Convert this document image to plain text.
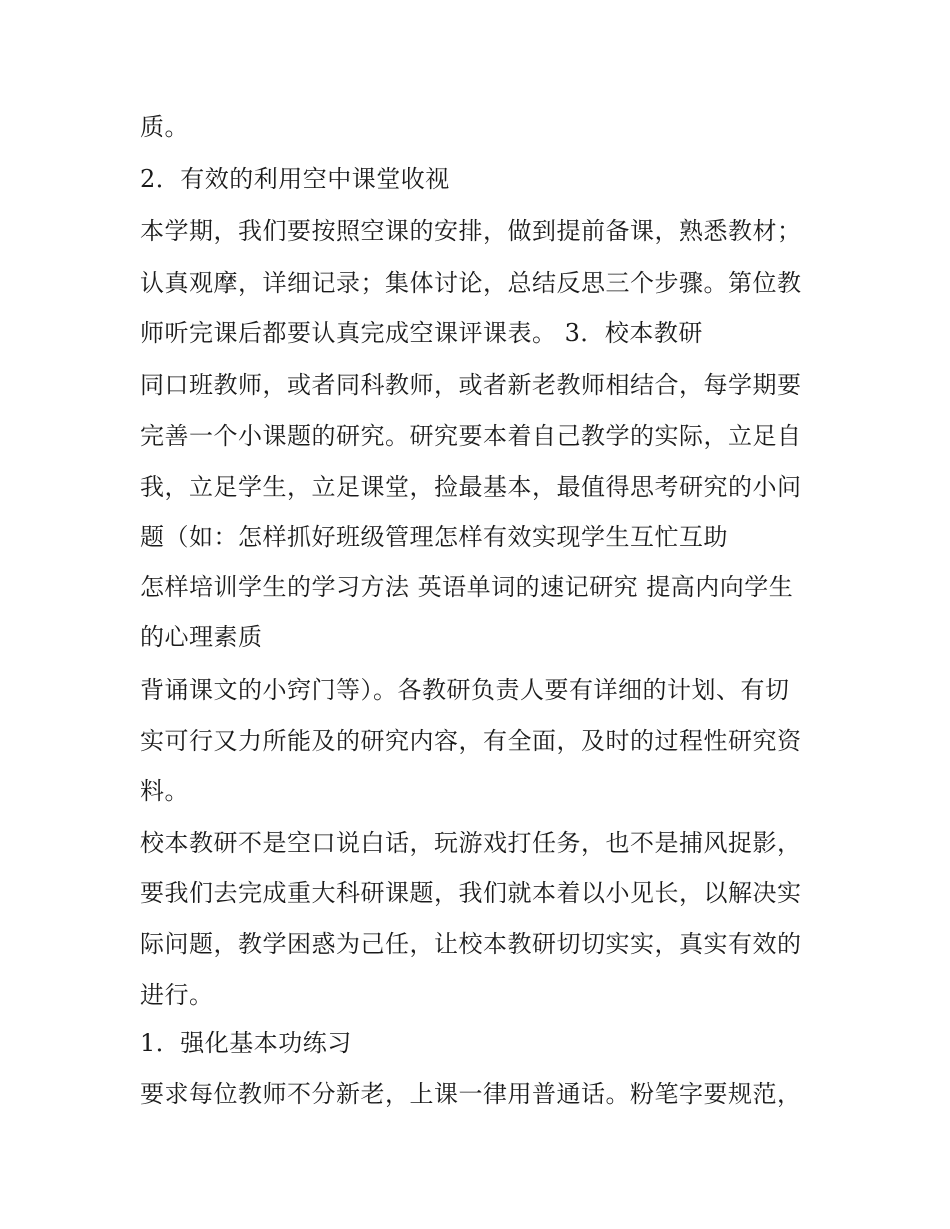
质。
2．有效的利用空中课堂收视
本学期，我们要按照空课的安排，做到提前备课，熟悉教材；
认真观摩，详细记录；集体讨论，总结反思三个步骤。第位教
师听完课后都要认真完成空课评课表。 3．校本教研
同口班教师，或者同科教师，或者新老教师相结合，每学期要
完善一个小课题的研究。研究要本着自己教学的实际，立足自
我，立足学生，立足课堂，捡最基本，最值得思考研究的小问
题（如：怎样抓好班级管理怎样有效实现学生互忙互助
怎样培训学生的学习方法 英语单词的速记研究 提高内向学生
的心理素质
背诵课文的小窍门等）。各教研负责人要有详细的计划、有切
实可行又力所能及的研究内容，有全面，及时的过程性研究资
料。
校本教研不是空口说白话，玩游戏打任务，也不是捕风捉影，
要我们去完成重大科研课题，我们就本着以小见长，以解决实
际问题，教学困惑为己任，让校本教研切切实实，真实有效的
进行。
1．强化基本功练习
要求每位教师不分新老，上课一律用普通话。粉笔字要规范，
